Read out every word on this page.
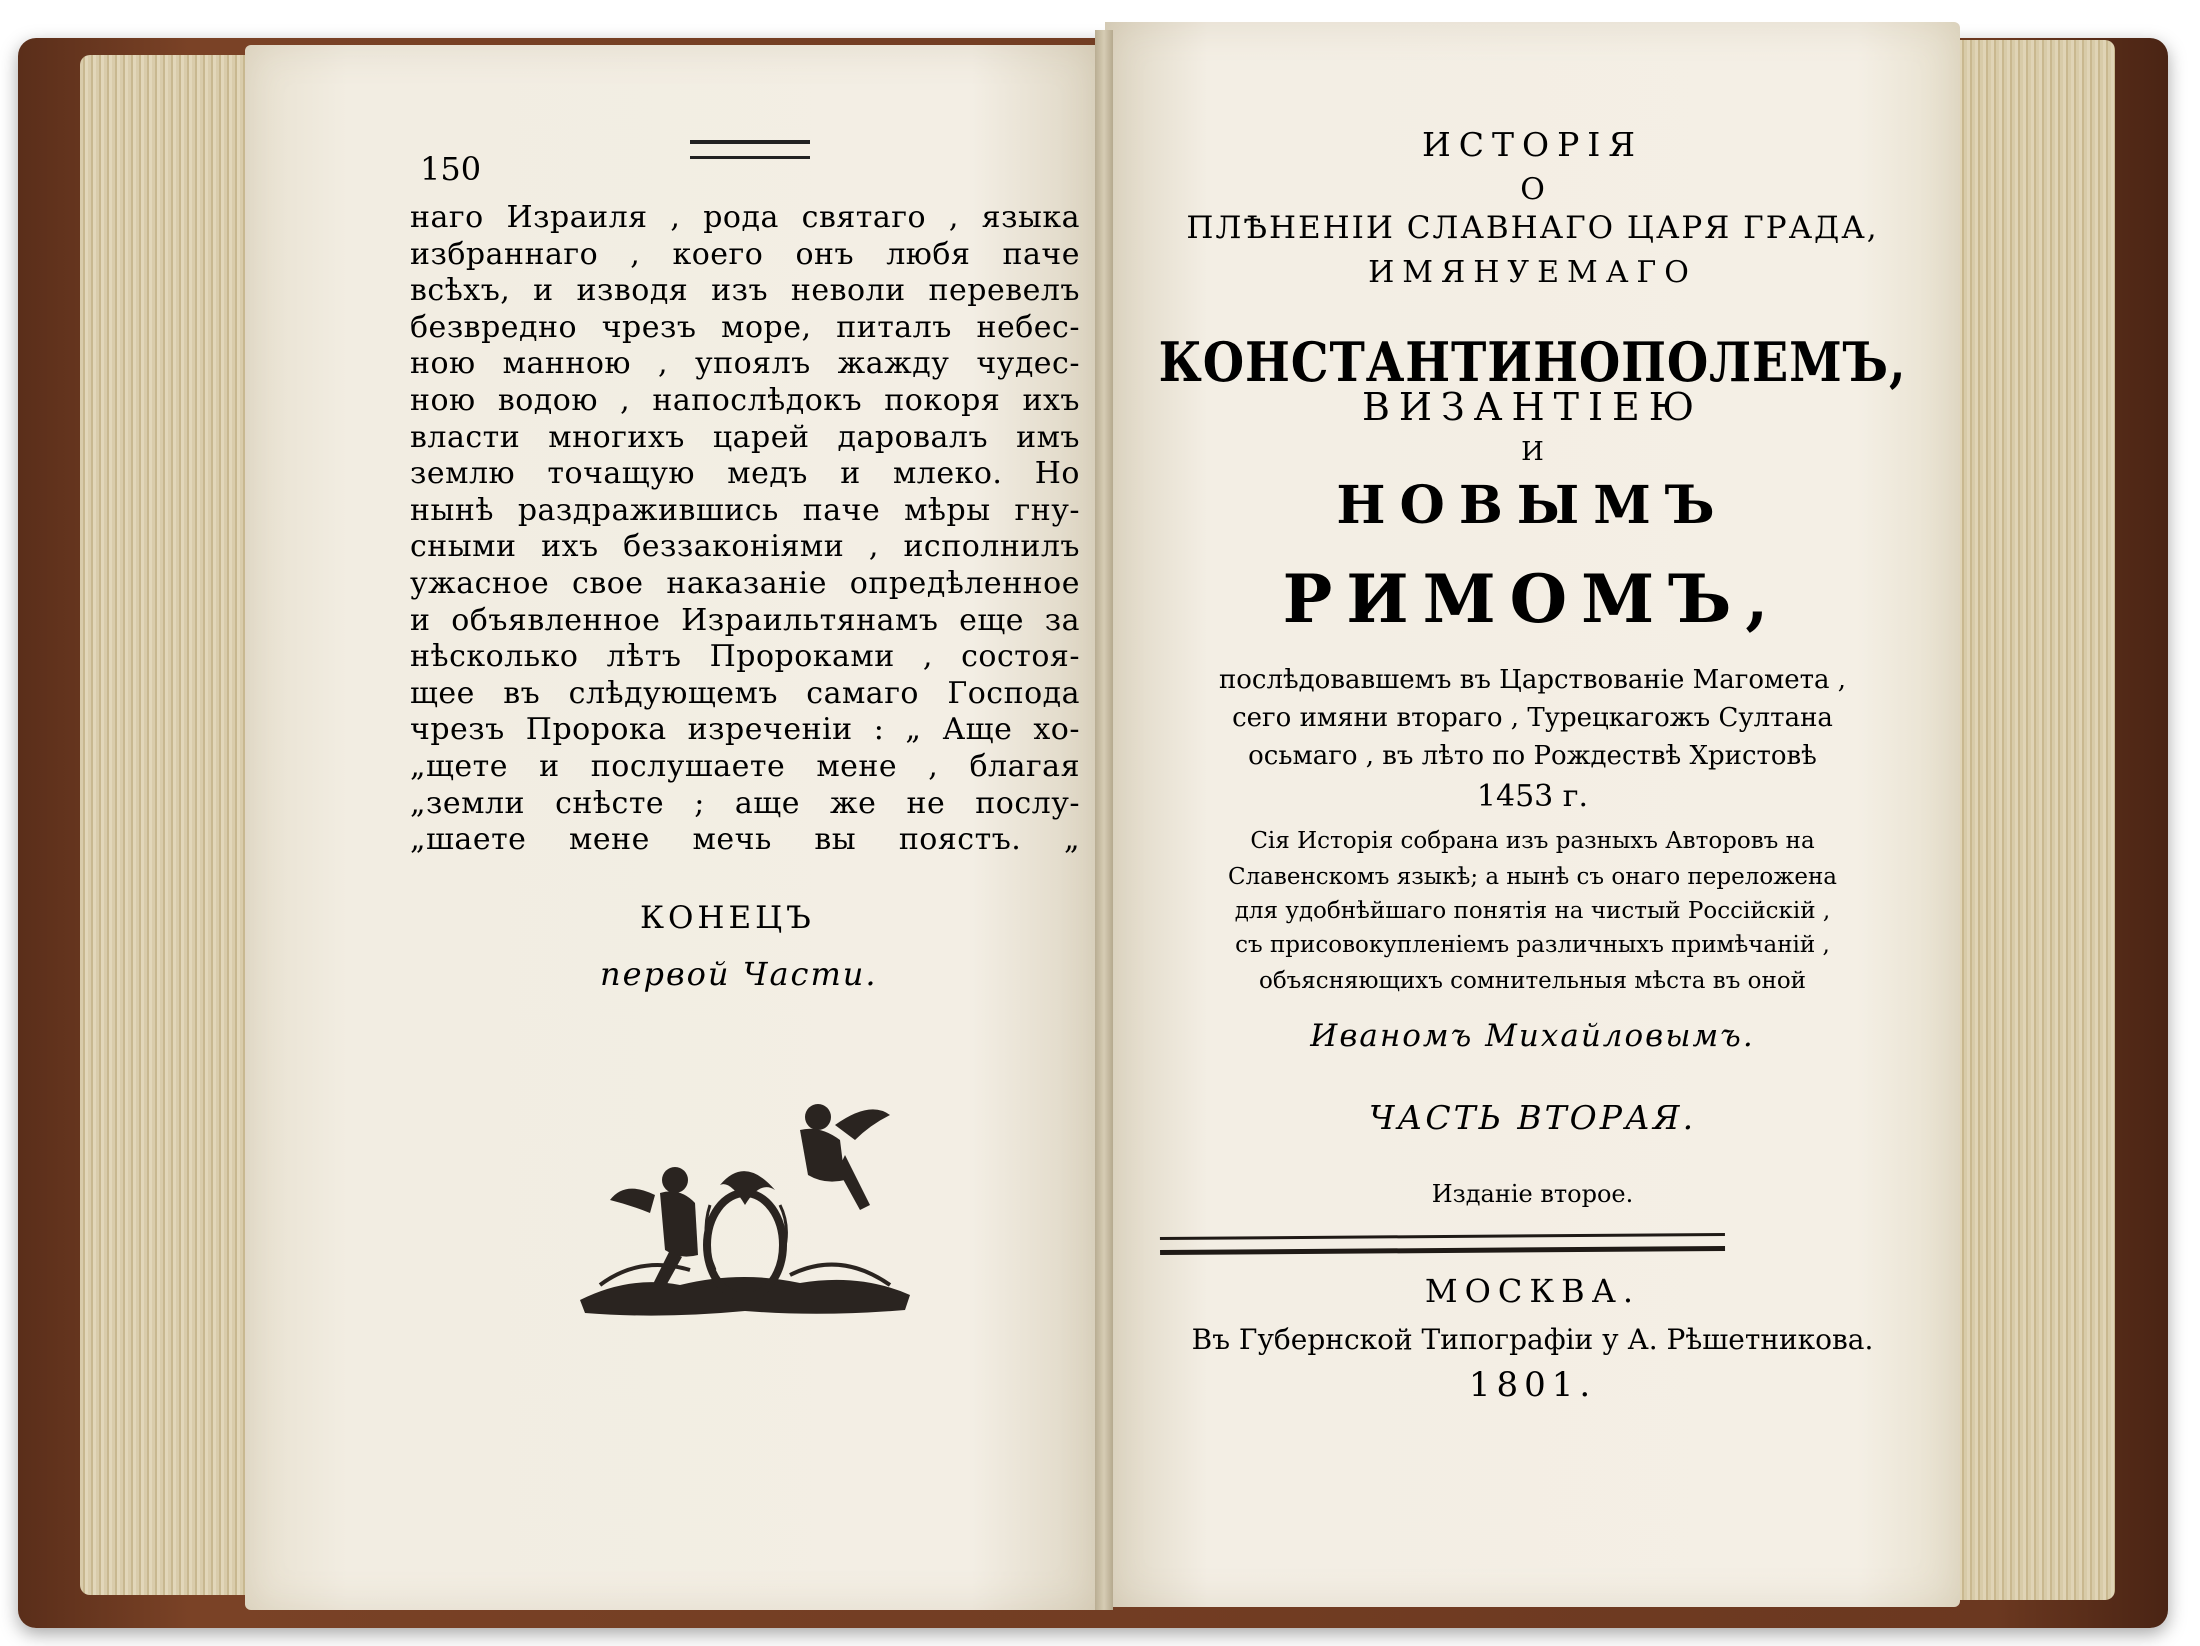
150
наго Израиля , рода святаго , языка
избраннаго , коего онъ любя паче
всѣхъ, и изводя изъ неволи перевелъ
безвредно чрезъ море, питалъ небес-
ною манною , упоялъ жажду чудес-
ною водою , напослѣдокъ покоря ихъ
власти многихъ царей даровалъ имъ
землю точащую медъ и млеко. Но
нынѣ раздражившись паче мѣры гну-
сными ихъ беззаконіями , исполнилъ
ужасное свое наказаніе опредѣленное
и объявленное Израильтянамъ еще за
нѣсколько лѣтъ Пророками , состоя-
щее въ слѣдующемъ самаго Господа
чрезъ Пророка изреченіи : „ Аще хо-
„щете и послушаете мене , благая
„земли снѣсте ; аще же не послу-
„шаете мене мечь вы поястъ. „
КОНЕЦЪ
первой Части.
ИСТОРІЯ
О
ПЛѢНЕНІИ СЛАВНАГО ЦАРЯ ГРАДА,
ИМЯНУЕМАГО
КОНСТАНТИНОПОЛЕМЪ,
ВИЗАНТІЕЮ
И
НОВЫМЪ
РИМОМЪ,
послѣдовавшемъ въ Царствованіе Магомета ,
сего имяни втораго , Турецкагожъ Султана
осьмаго , въ лѣто по Рождествѣ Христовѣ
1453 г.
Сія Исторія собрана изъ разныхъ Авторовъ на
Славенскомъ языкѣ; а нынѣ съ онаго переложена
для удобнѣйшаго понятія на чистый Россійскій ,
съ присовокупленіемъ различныхъ примѣчаній ,
объясняющихъ сомнительныя мѣста въ оной
Иваномъ Михайловымъ.
ЧАСТЬ ВТОРАЯ.
Изданіе второе.
МОСКВА.
Въ Губернской Типографіи у А. Рѣшетникова.
1801.
